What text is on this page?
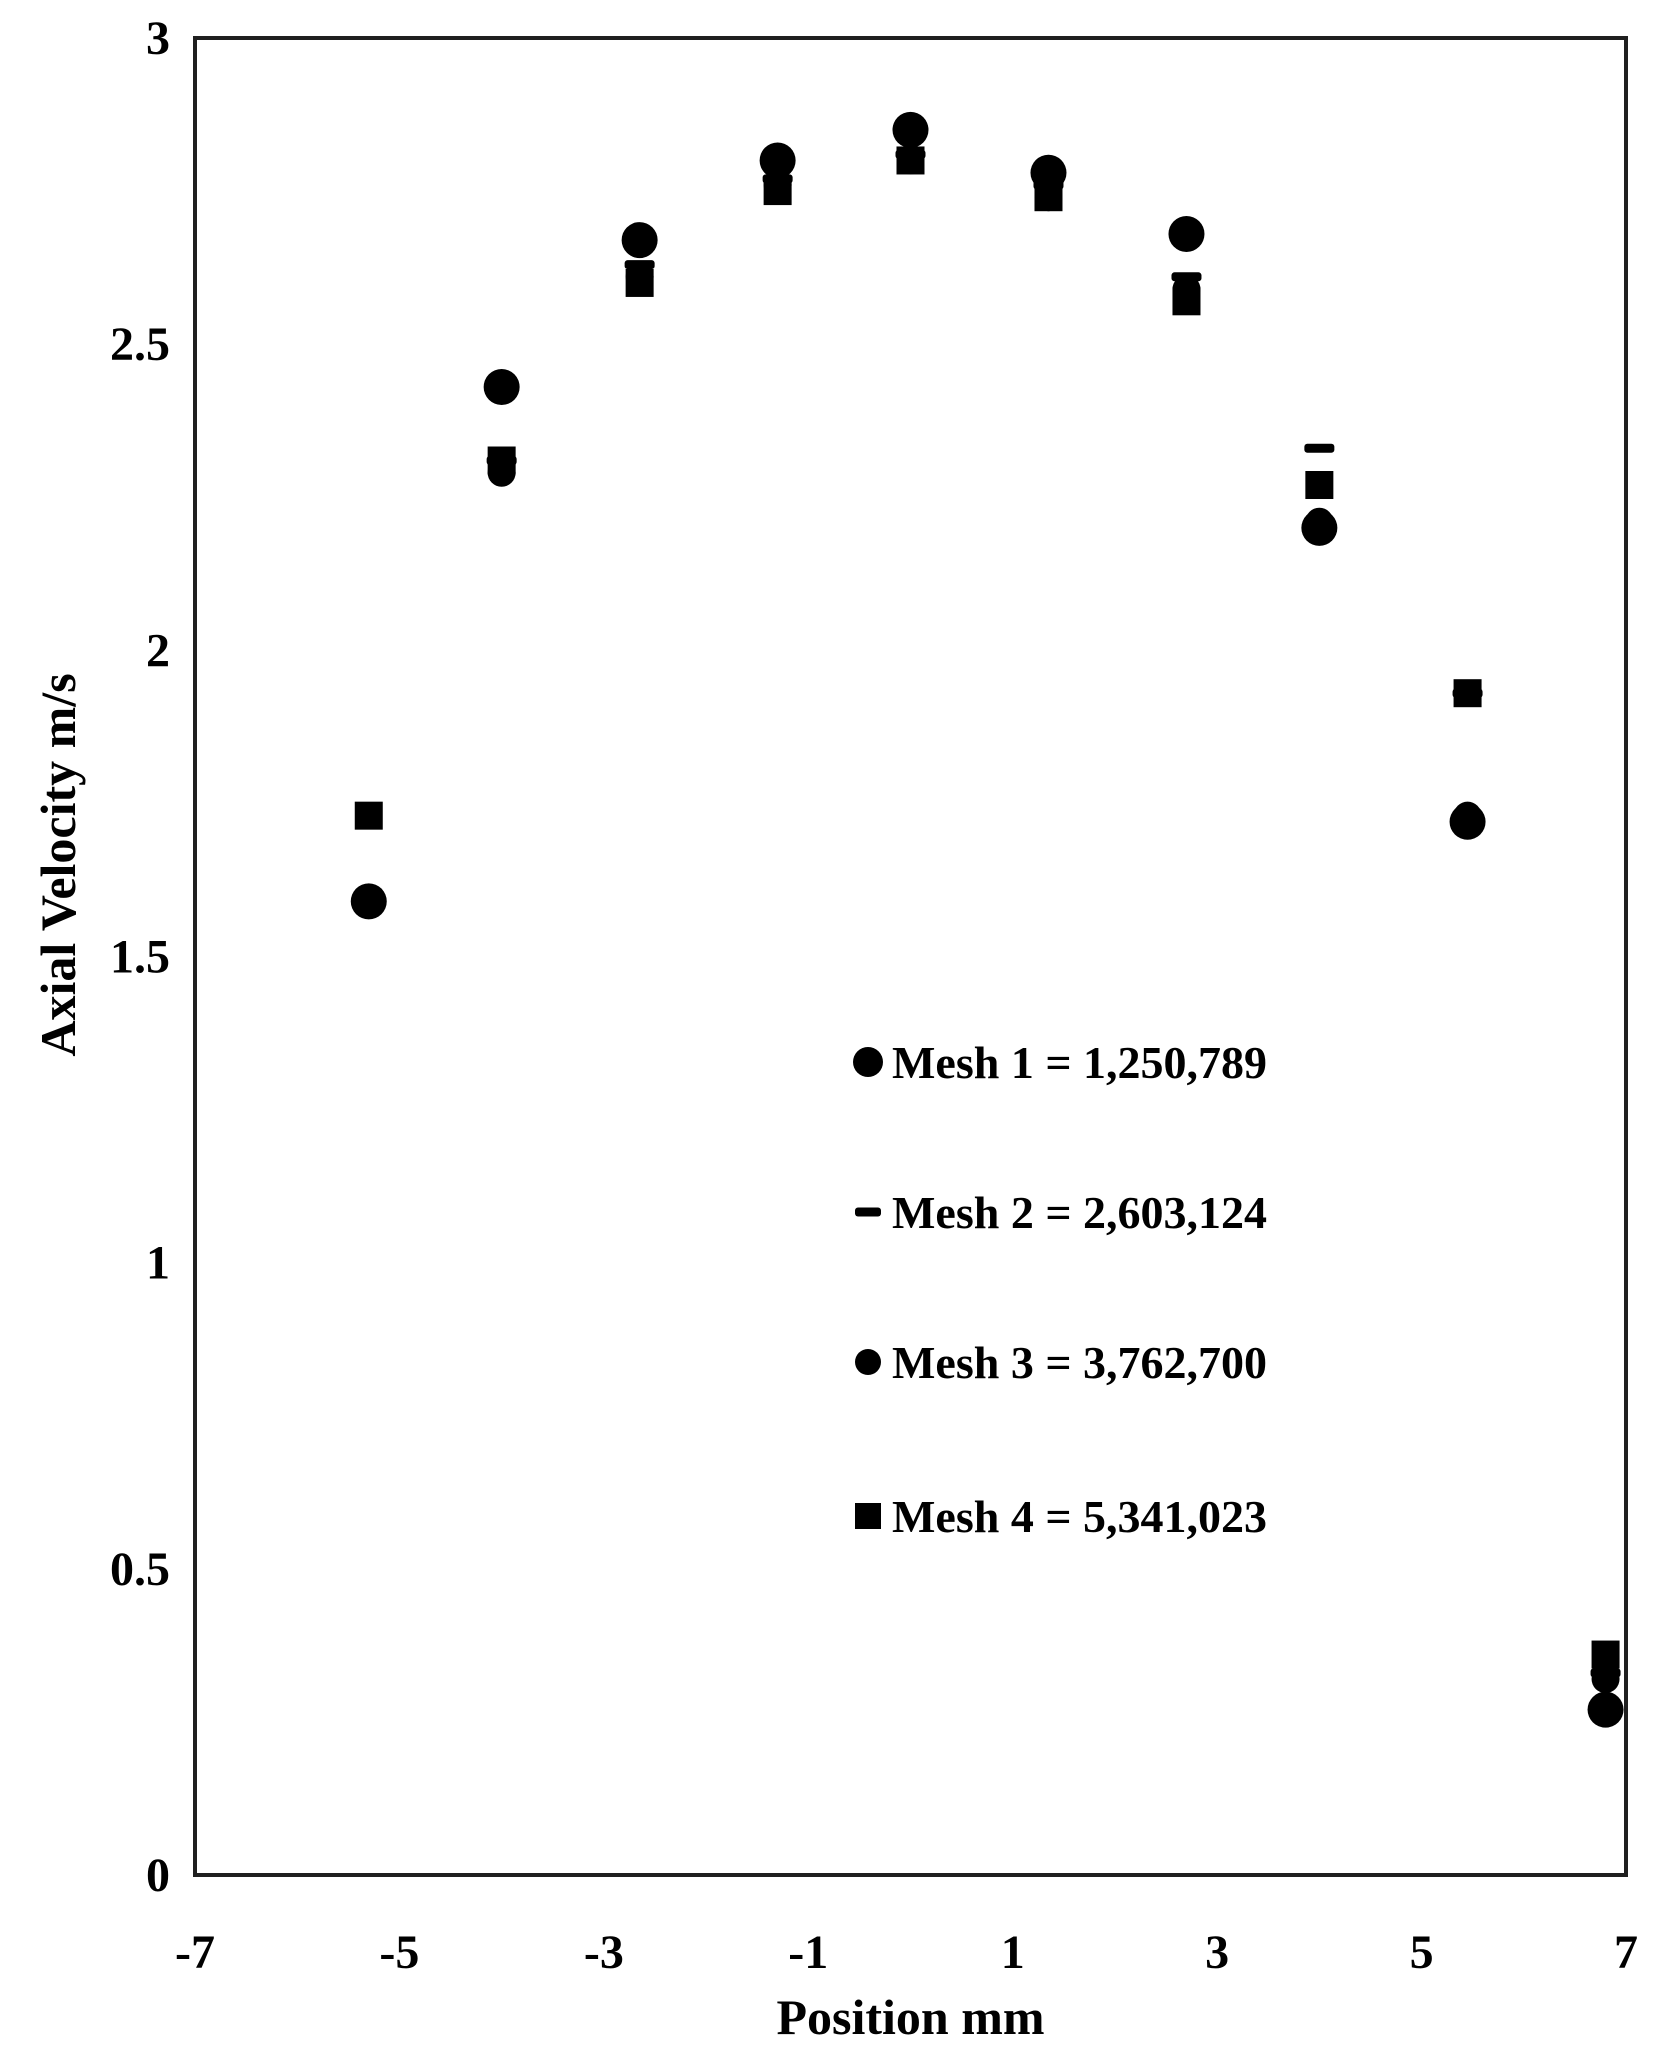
-7	-5	-3	-1	1	3	5	7
0
0.5
1
1.5
2
2.5
3
Mesh 1 = 1,250,789
Mesh 2 = 2,603,124
Mesh 3 = 3,762,700
Mesh 4 = 5,341,023
Position mm
Axial Velocity m/s
